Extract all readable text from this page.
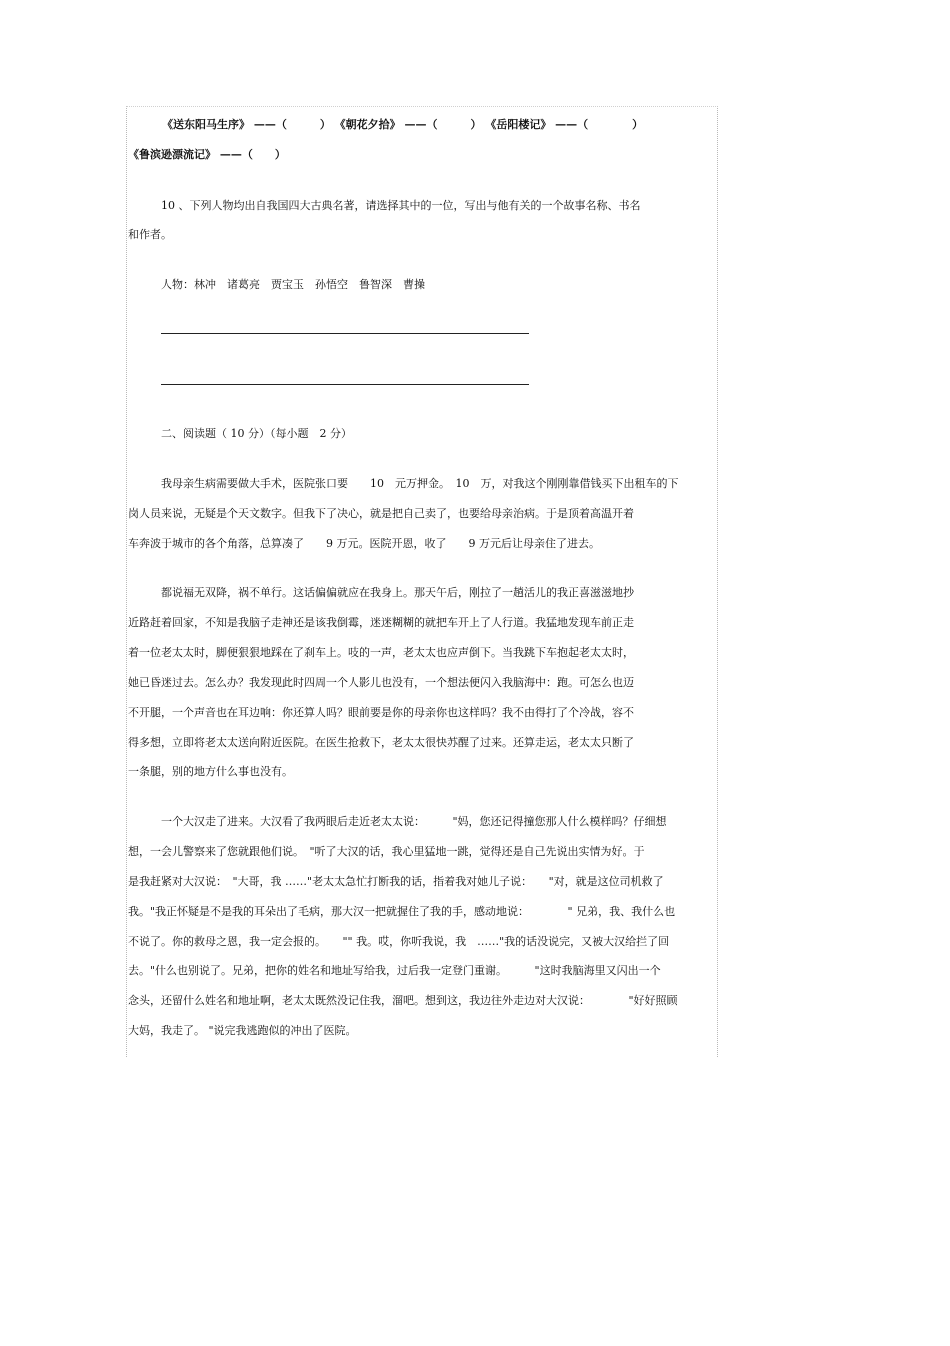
《送东阳马生序》 ——（　　　） 《朝花夕拾》 ——（　　　） 《岳阳楼记》 ——（　　　　）
《鲁滨逊漂流记》 ——（　　）
10 、下列人物均出自我国四大古典名著，请选择其中的一位，写出与他有关的一个故事名称、书名
和作者。
人物：林冲　诸葛亮　贾宝玉　孙悟空　鲁智深　曹操
二、阅读题（ 10 分）（每小题　2 分）
我母亲生病需要做大手术，医院张口要　　10　元万押金。　10　万，对我这个刚刚靠借钱买下出租车的下
岗人员来说，无疑是个天文数字。但我下了决心，就是把自己卖了，也要给母亲治病。于是顶着高温开着
车奔波于城市的各个角落，总算凑了　　9 万元。医院开恩，收了　　9 万元后让母亲住了进去。
都说福无双降，祸不单行。这话偏偏就应在我身上。那天午后，刚拉了一趟活儿的我正喜滋滋地抄
近路赶着回家，不知是我脑子走神还是该我倒霉，迷迷糊糊的就把车开上了人行道。我猛地发现车前正走
着一位老太太时，脚便狠狠地踩在了刹车上。吱的一声，老太太也应声倒下。当我跳下车抱起老太太时，
她已昏迷过去。怎么办？我发现此时四周一个人影儿也没有，一个想法便闪入我脑海中：跑。可怎么也迈
不开腿，一个声音也在耳边响：你还算人吗？眼前要是你的母亲你也这样吗？我不由得打了个冷战，容不
得多想，立即将老太太送向附近医院。在医生抢救下，老太太很快苏醒了过来。还算走运，老太太只断了
一条腿，别的地方什么事也没有。
一个大汉走了进来。大汉看了我两眼后走近老太太说：　　　"妈，您还记得撞您那人什么模样吗？仔细想
想，一会儿警察来了您就跟他们说。　"听了大汉的话，我心里猛地一跳，觉得还是自己先说出实情为好。于
是我赶紧对大汉说：　"大哥，我 ……"老太太急忙打断我的话，指着我对她儿子说：　　"对，就是这位司机救了
我。"我正怀疑是不是我的耳朵出了毛病，那大汉一把就握住了我的手，感动地说：　　　　" 兄弟，我、我什么也
不说了。你的救母之恩，我一定会报的。　　"" 我。哎，你听我说，我　……"我的话没说完，又被大汉给拦了回
去。"什么也别说了。兄弟，把你的姓名和地址写给我，过后我一定登门重谢。　　　"这时我脑海里又闪出一个
念头，还留什么姓名和地址啊，老太太既然没记住我，溜吧。想到这，我边往外走边对大汉说：　　　　"好好照顾
大妈，我走了。 "说完我逃跑似的冲出了医院。
